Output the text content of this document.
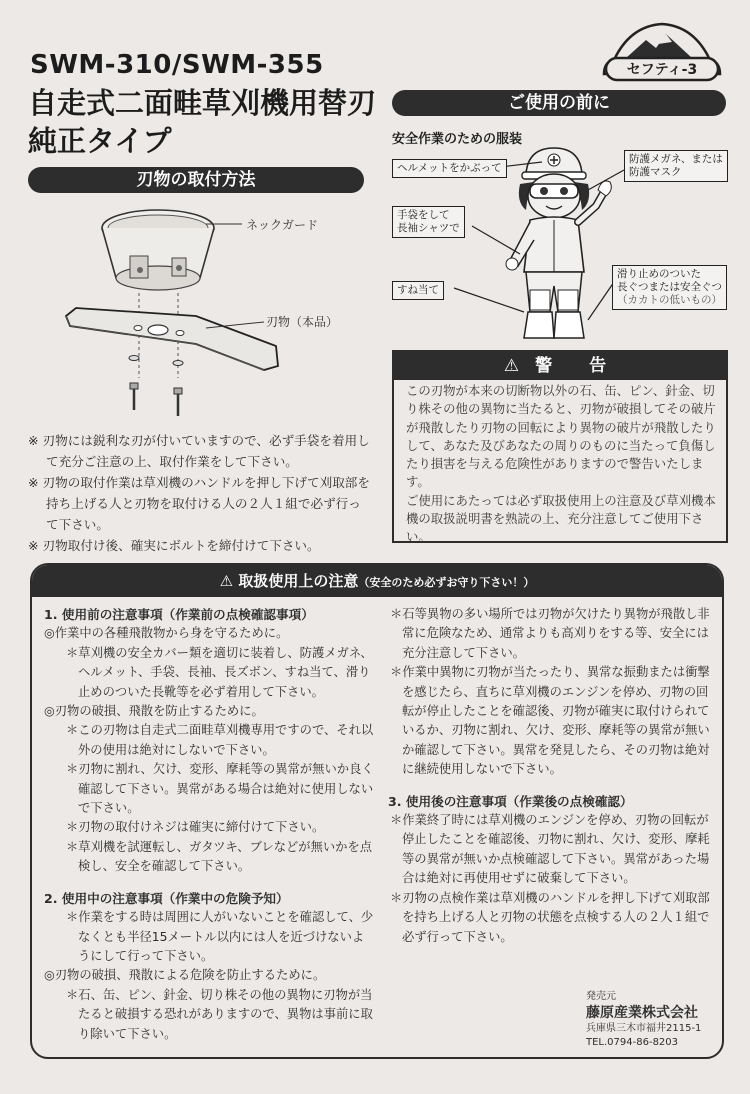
SWM-310/SWM-355
自走式二面畦草刈機用替刃
純正タイプ
セフティ-3
刃物の取付方法
ネックガード
刃物（本品）

※ 刃物には鋭利な刃が付いていますので、必ず手袋を着用して充分ご注意の上、取付作業をして下さい。

※ 刃物の取付作業は草刈機のハンドルを押し下げて刈取部を持ち上げる人と刃物を取付ける人の２人１組で必ず行って下さい。

※ 刃物取付け後、確実にボルトを締付けて下さい。

ご使用の前に
安全作業のための服装
ヘルメットをかぶって
防護メガネ、または
防護マスク
手袋をして
長袖シャツで
すね当て
滑り止めのついた
長ぐつまたは安全ぐつ
（カカトの低いもの）
⚠ 警　告

この刃物が本来の切断物以外の石、缶、ピン、針金、切り株その他の異物に当たると、刃物が破損してその破片が飛散したり刃物の回転により異物の破片が飛散したりして、あなた及びあなたの周りのものに当たって負傷したり損害を与える危険性がありますので警告いたします。

ご使用にあたっては必ず取扱使用上の注意及び草刈機本機の取扱説明書を熟読の上、充分注意してご使用下さい。

⚠ 取扱使用上の注意（安全のため必ずお守り下さい！）

1. 使用前の注意事項（作業前の点検確認事項）

◎作業中の各種飛散物から身を守るために。

＊草刈機の安全カバー類を適切に装着し、防護メガネ、ヘルメット、手袋、長袖、長ズボン、すね当て、滑り止めのついた長靴等を必ず着用して下さい。

◎刃物の破損、飛散を防止するために。

＊この刃物は自走式二面畦草刈機専用ですので、それ以外の使用は絶対にしないで下さい。

＊刃物に割れ、欠け、変形、摩耗等の異常が無いか良く確認して下さい。異常がある場合は絶対に使用しないで下さい。

＊刃物の取付けネジは確実に締付けて下さい。

＊草刈機を試運転し、ガタツキ、ブレなどが無いかを点検し、安全を確認して下さい。

2. 使用中の注意事項（作業中の危険予知）

＊作業をする時は周囲に人がいないことを確認して、少なくとも半径15メートル以内には人を近づけないようにして行って下さい。

◎刃物の破損、飛散による危険を防止するために。

＊石、缶、ピン、針金、切り株その他の異物に刃物が当たると破損する恐れがありますので、異物は事前に取り除いて下さい。

＊石等異物の多い場所では刃物が欠けたり異物が飛散し非常に危険なため、通常よりも高刈りをする等、安全には充分注意して下さい。

＊作業中異物に刃物が当たったり、異常な振動または衝撃を感じたら、直ちに草刈機のエンジンを停め、刃物の回転が停止したことを確認後、刃物が確実に取付けられているか、刃物に割れ、欠け、変形、摩耗等の異常が無いか確認して下さい。異常を発見したら、その刃物は絶対に継続使用しないで下さい。

3. 使用後の注意事項（作業後の点検確認）

＊作業終了時には草刈機のエンジンを停め、刃物の回転が停止したことを確認後、刃物に割れ、欠け、変形、摩耗等の異常が無いか点検確認して下さい。異常があった場合は絶対に再使用せずに破棄して下さい。

＊刃物の点検作業は草刈機のハンドルを押し下げて刈取部を持ち上げる人と刃物の状態を点検する人の２人１組で必ず行って下さい。

発売元
藤原産業株式会社
兵庫県三木市福井2115-1
TEL.0794-86-8203
